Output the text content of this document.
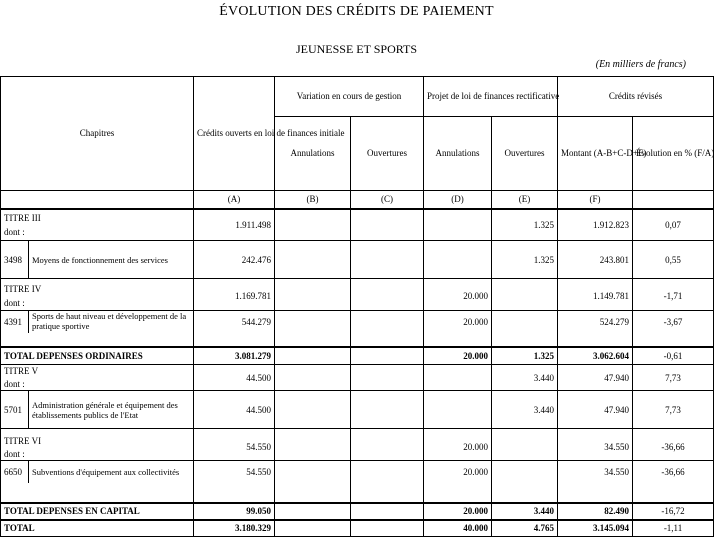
ÉVOLUTION DES CRÉDITS DE PAIEMENT
JEUNESSE ET SPORTS
(En milliers de francs)
Chapitres		Crédits ouverts en loi de finances initiale	Variation en cours de gestion		Projet de loi de finances rectificative		Crédits révisés	
			Annulations	Ouvertures	Annulations	Ouvertures	Montant (A-B+C-D+E)	Évolution en % (F/A)
		(A)	(B)	(C)	(D)	(E)	(F)	

TITRE III
dont :		1.911.498				1.325	1.912.823	0,07
3498	Moyens de fonctionnement des services	242.476				1.325	243.801	0,55

TITRE IV
dont :		1.169.781			20.000		1.149.781	-1,71
4391	Sports de haut niveau et développement de la pratique sportive	544.279			20.000		524.279	-3,67

TOTAL DEPENSES ORDINAIRES		3.081.279			20.000	1.325	3.062.604	-0,61

TITRE V
dont :		44.500				3.440	47.940	7,73
5701	Administration générale et équipement des établissements publics de l'Etat	44.500				3.440	47.940	7,73

TITRE VI
dont :		54.550			20.000		34.550	-36,66
6650	Subventions d'équipement aux collectivités	54.550			20.000		34.550	-36,66

TOTAL DEPENSES EN CAPITAL		99.050			20.000	3.440	82.490	-16,72
TOTAL		3.180.329			40.000	4.765	3.145.094	-1,11
